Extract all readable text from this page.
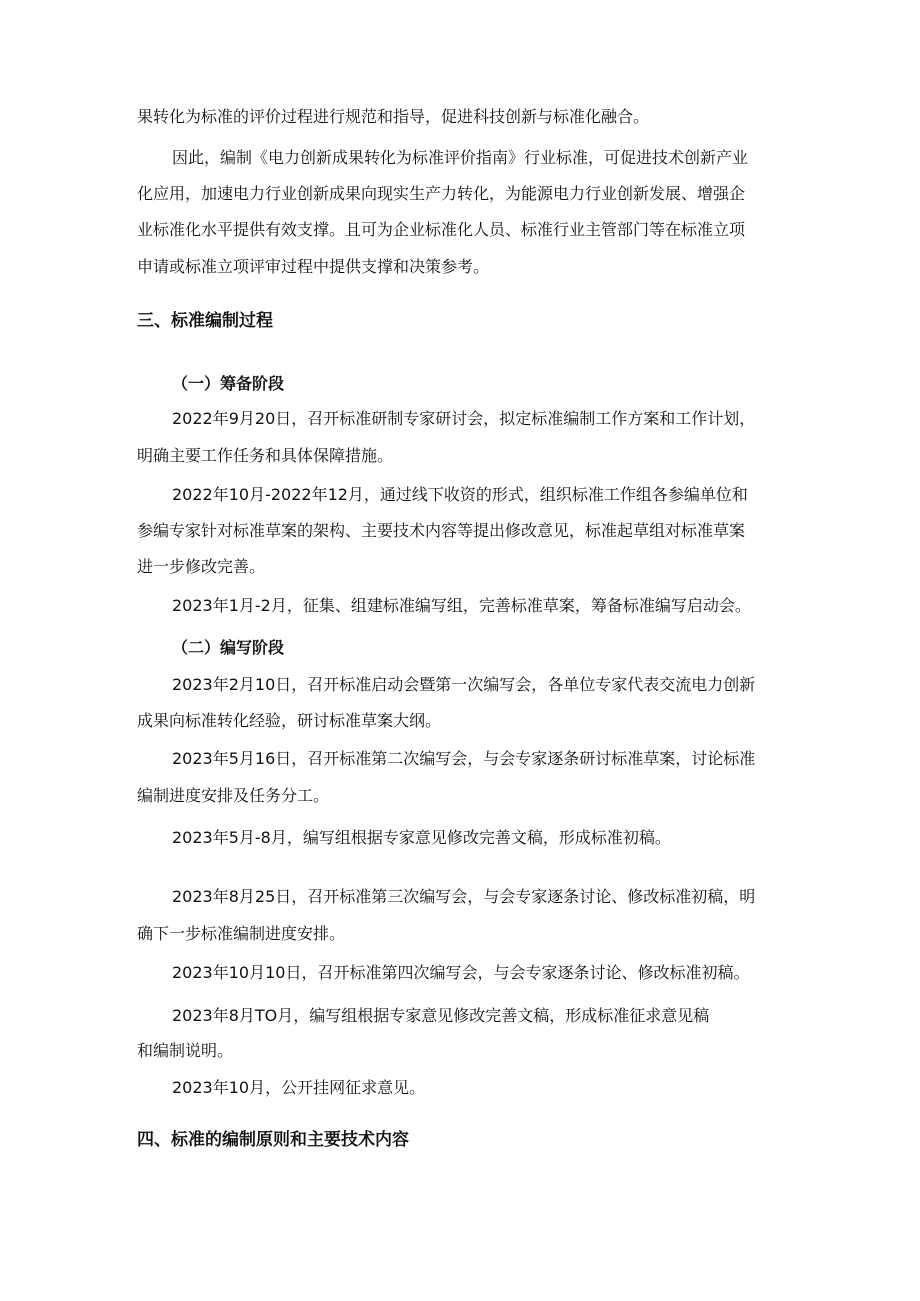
果转化为标准的评价过程进行规范和指导，促进科技创新与标准化融合。

因此，编制《电力创新成果转化为标准评价指南》行业标准，可促进技术创新产业

化应用，加速电力行业创新成果向现实生产力转化，为能源电力行业创新发展、增强企

业标准化水平提供有效支撑。且可为企业标准化人员、标准行业主管部门等在标准立项

申请或标准立项评审过程中提供支撑和决策参考。

三、标准编制过程
（一）筹备阶段

2022年9月20日，召开标准研制专家研讨会，拟定标准编制工作方案和工作计划，

明确主要工作任务和具体保障措施。

2022年10月-2022年12月，通过线下收资的形式，组织标准工作组各参编单位和

参编专家针对标准草案的架构、主要技术内容等提出修改意见，标准起草组对标准草案

进一步修改完善。

2023年1月-2月，征集、组建标准编写组，完善标准草案，筹备标准编写启动会。

（二）编写阶段

2023年2月10日，召开标准启动会暨第一次编写会，各单位专家代表交流电力创新

成果向标准转化经验，研讨标准草案大纲。

2023年5月16日，召开标准第二次编写会，与会专家逐条研讨标准草案，讨论标准

编制进度安排及任务分工。

2023年5月-8月，编写组根据专家意见修改完善文稿，形成标准初稿。

2023年8月25日，召开标准第三次编写会，与会专家逐条讨论、修改标准初稿，明

确下一步标准编制进度安排。

2023年10月10日，召开标准第四次编写会，与会专家逐条讨论、修改标准初稿。

2023年8月TO月，编写组根据专家意见修改完善文稿，形成标准征求意见稿

和编制说明。

2023年10月，公开挂网征求意见。

四、标准的编制原则和主要技术内容
